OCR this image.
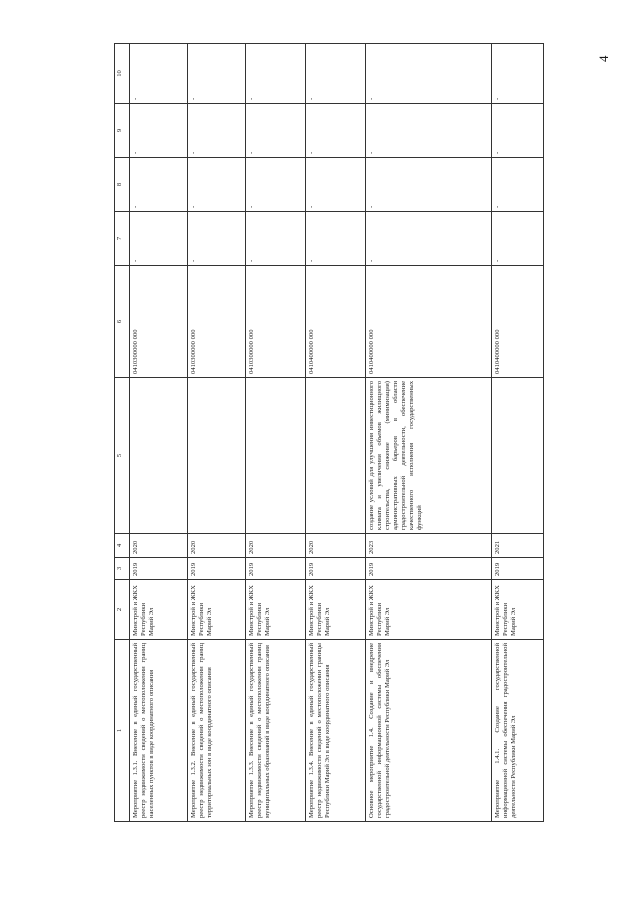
4
1	2	3	4	5	6	7	8	9	10
Мероприятие 1.3.1. Внесение в единый государственный реестр недвижимости сведений о местоположении границ населенных пунктов в виде координатного описания	Минстрой и ЖКХ Республики Марий Эл	2019	2020		0410300000 000	-	-	-	-
Мероприятие 1.3.2. Внесение в единый государственный реестр недвижимости сведений о местоположении границ территориальных зон в виде координатного описания	Минстрой и ЖКХ Республики Марий Эл	2019	2020		0410300000 000	-	-	-	-
Мероприятие 1.3.3. Внесение в единый государственный реестр недвижимости сведений о местоположении границ муниципальных образований в виде координатного описания	Минстрой и ЖКХ Республики Марий Эл	2019	2020		0410300000 000	-	-	-	-
Мероприятие 1.3.4. Внесение в единый государственный реестр недвижимости сведений о местоположении границы Республики Марий Эл в виде координатного описания	Минстрой и ЖКХ Республики Марий Эл	2019	2020		0410400000 000	-	-	-	-
Основное мероприятие 1.4. Создание и внедрение государственной информационной системы обеспечения градостроительной деятельности Республики Марий Эл	Минстрой и ЖКХ Республики Марий Эл	2019	2023	создание условий для улучшения инвестиционного климата и увеличения объемов жилищного строительства, снижение (минимизация) административных барьеров в области градостроительной деятельности, обеспечение качественного исполнения государственных функций	0410400000 000	-	-	-	-
Мероприятие 1.4.1. Создание государственной информационной системы обеспечения градостроительной деятельности Республики Марий Эл	Минстрой и ЖКХ Республики Марий Эл	2019	2021		0410400000 000	-	-	-	-
